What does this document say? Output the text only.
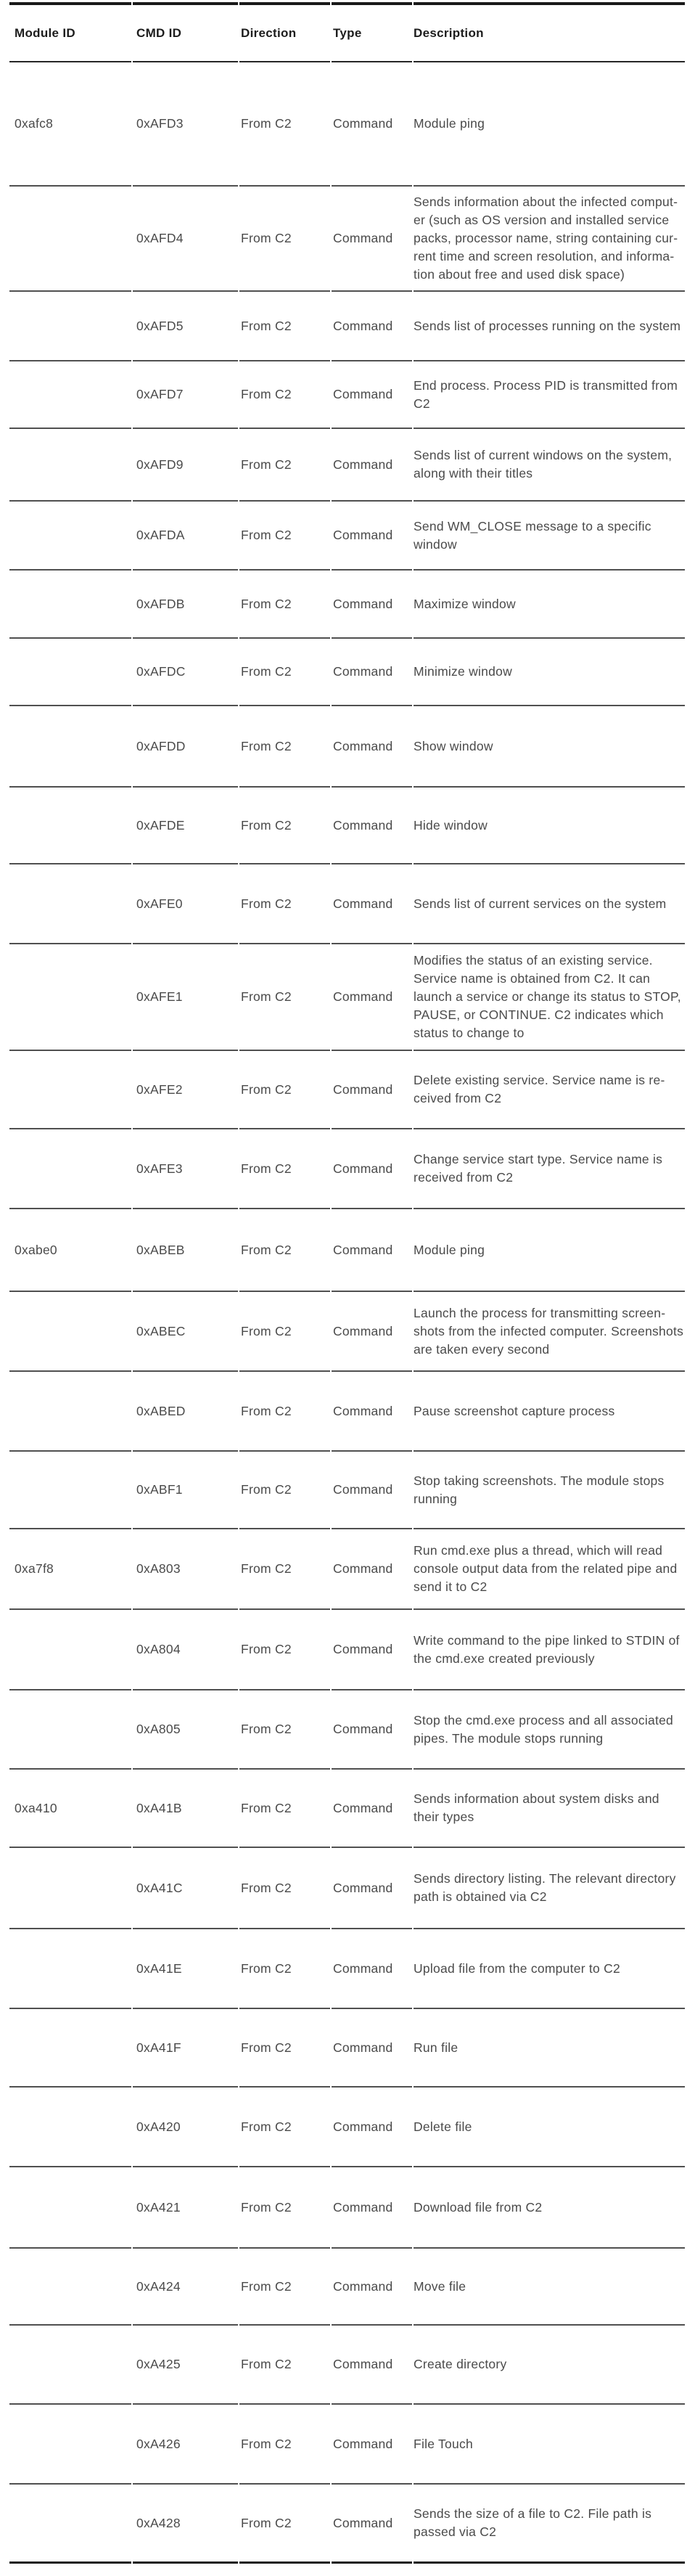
Module ID	CMD ID	Direction	Type	Description
0xafc8	0xAFD3	From C2	Command	Module ping
	0xAFD4	From C2	Command	Sends information about the infected computer (such as OS version and installed service packs, processor name, string containing current time and screen resolution, and information about free and used disk space)
	0xAFD5	From C2	Command	Sends list of processes running on the system
	0xAFD7	From C2	Command	End process. Process PID is transmitted from C2
	0xAFD9	From C2	Command	Sends list of current windows on the system, along with their titles
	0xAFDA	From C2	Command	Send WM_CLOSE message to a specific window
	0xAFDB	From C2	Command	Maximize window
	0xAFDC	From C2	Command	Minimize window
	0xAFDD	From C2	Command	Show window
	0xAFDE	From C2	Command	Hide window
	0xAFE0	From C2	Command	Sends list of current services on the system
	0xAFE1	From C2	Command	Modifies the status of an existing service. Service name is obtained from C2. It can launch a service or change its status to STOP, PAUSE, or CONTINUE. C2 indicates which status to change to
	0xAFE2	From C2	Command	Delete existing service. Service name is received from C2
	0xAFE3	From C2	Command	Change service start type. Service name is received from C2
0xabe0	0xABEB	From C2	Command	Module ping
	0xABEC	From C2	Command	Launch the process for transmitting screenshots from the infected computer. Screenshots are taken every second
	0xABED	From C2	Command	Pause screenshot capture process
	0xABF1	From C2	Command	Stop taking screenshots. The module stops running
0xa7f8	0xA803	From C2	Command	Run cmd.exe plus a thread, which will read console output data from the related pipe and send it to C2
	0xA804	From C2	Command	Write command to the pipe linked to STDIN of the cmd.exe created previously
	0xA805	From C2	Command	Stop the cmd.exe process and all associated pipes. The module stops running
0xa410	0xA41B	From C2	Command	Sends information about system disks and their types
	0xA41C	From C2	Command	Sends directory listing. The relevant directory path is obtained via C2
	0xA41E	From C2	Command	Upload file from the computer to C2
	0xA41F	From C2	Command	Run file
	0xA420	From C2	Command	Delete file
	0xA421	From C2	Command	Download file from C2
	0xA424	From C2	Command	Move file
	0xA425	From C2	Command	Create directory
	0xA426	From C2	Command	File Touch
	0xA428	From C2	Command	Sends the size of a file to C2. File path is passed via C2
